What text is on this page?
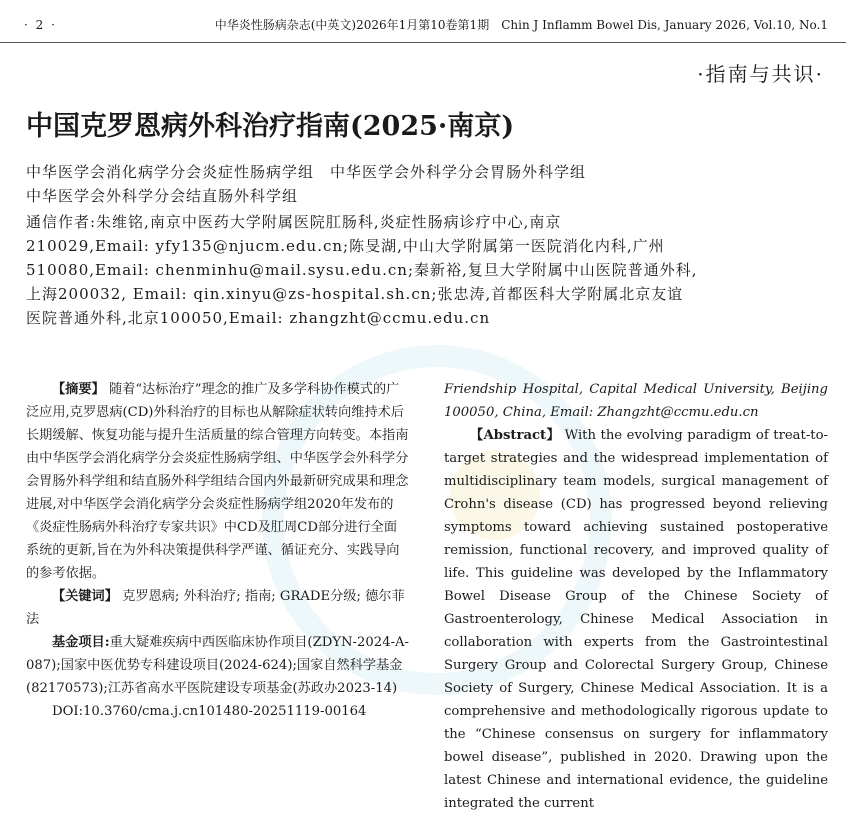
· 2 ·	中华炎性肠病杂志(中英文)2026年1月第10卷第1期　Chin J Inflamm Bowel Dis, January 2026, Vol.10, No.1
·指南与共识·
中国克罗恩病外科治疗指南(2025·南京)
中华医学会消化病学分会炎症性肠病学组　中华医学会外科学分会胃肠外科学组
中华医学会外科学分会结直肠外科学组

通信作者:朱维铭,南京中医药大学附属医院肛肠科,炎症性肠病诊疗中心,南京

210029,Email: yfy135@njucm.edu.cn;陈旻湖,中山大学附属第一医院消化内科,广州

510080,Email: chenminhu@mail.sysu.edu.cn;秦新裕,复旦大学附属中山医院普通外科,

上海200032, Email: qin.xinyu@zs-hospital.sh.cn;张忠涛,首都医科大学附属北京友谊

医院普通外科,北京100050,Email: zhangzht@ccmu.edu.cn

【摘要】 随着“达标治疗”理念的推广及多学科协作模式的广泛应用,克罗恩病(CD)外科治疗的目标也从解除症状转向维持术后长期缓解、恢复功能与提升生活质量的综合管理方向转变。本指南由中华医学会消化病学分会炎症性肠病学组、中华医学会外科学分会胃肠外科学组和结直肠外科学组结合国内外最新研究成果和理念进展,对中华医学会消化病学分会炎症性肠病学组2020年发布的《炎症性肠病外科治疗专家共识》中CD及肛周CD部分进行全面系统的更新,旨在为外科决策提供科学严谨、循证充分、实践导向的参考依据。

【关键词】 克罗恩病; 外科治疗; 指南; GRADE分级; 德尔菲法

基金项目:重大疑难疾病中西医临床协作项目(ZDYN-2024-A-087);国家中医优势专科建设项目(2024-624);国家自然科学基金(82170573);江苏省高水平医院建设专项基金(苏政办2023-14)

DOI:10.3760/cma.j.cn101480-20251119-00164

Friendship Hospital, Capital Medical University, Beijing 100050, China, Email: Zhangzht@ccmu.edu.cn

【Abstract】 With the evolving paradigm of treat-to-target strategies and the widespread implementation of multidisciplinary team models, surgical management of Crohn's disease (CD) has progressed beyond relieving symptoms toward achieving sustained postoperative remission, functional recovery, and improved quality of life. This guideline was developed by the Inflammatory Bowel Disease Group of the Chinese Society of Gastroenterology, Chinese Medical Association in collaboration with experts from the Gastrointestinal Surgery Group and Colorectal Surgery Group, Chinese Society of Surgery, Chinese Medical Association. It is a comprehensive and methodologically rigorous update to the “Chinese consensus on surgery for inflammatory bowel disease”, published in 2020. Drawing upon the latest Chinese and international evidence, the guideline integrated the current
